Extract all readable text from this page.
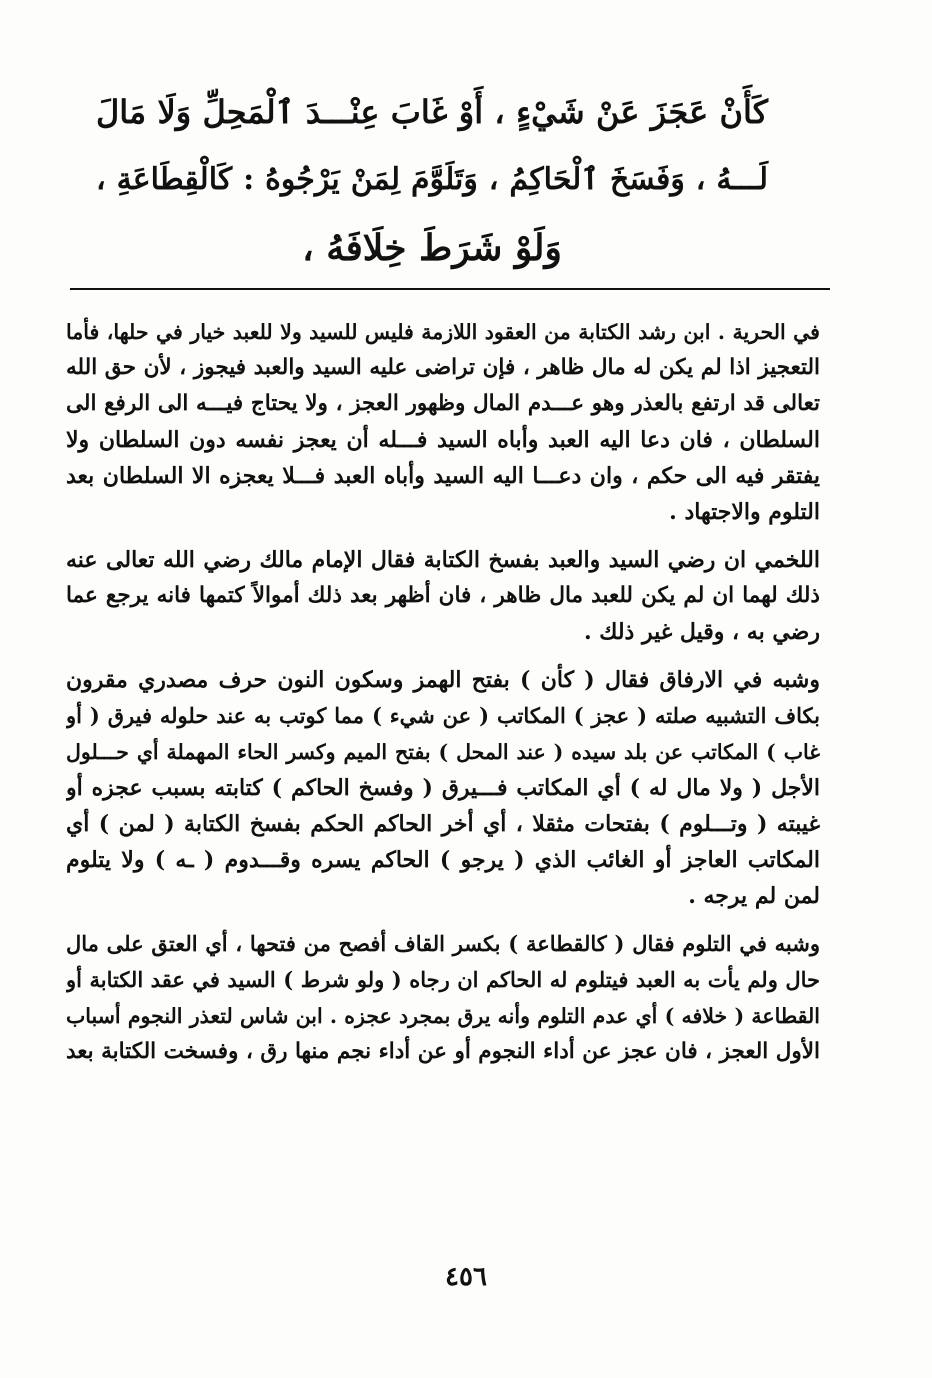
كَأَنْ عَجَزَ عَنْ شَيْءٍ ، أَوْ غَابَ عِنْـــدَ ٱلْمَحِلِّ وَلَا مَالَ
لَـــهُ ، وَفَسَخَ ٱلْحَاكِمُ ، وَتَلَوَّمَ لِمَنْ يَرْجُوهُ : كَالْقِطَاعَةِ ،
وَلَوْ شَرَطَ خِلَافَهُ ،

في الحرية . ابن رشد الكتابة من العقود اللازمة فليس للسيد ولا للعبد خيار في حلها، فأما
التعجيز اذا لم يكن له مال ظاهر ، فإن تراضى عليه السيد والعبد فيجوز ، لأن حق الله
تعالى قد ارتفع بالعذر وهو عـــدم المال وظهور العجز ، ولا يحتاج فيـــه الى الرفع الى
السلطان ، فان دعا اليه العبد وأباه السيد فـــله أن يعجز نفسه دون السلطان ولا
يفتقر فيه الى حكم ، وان دعـــا اليه السيد وأباه العبد فـــلا يعجزه الا السلطان بعد
التلوم والاجتهاد .

اللخمي ان رضي السيد والعبد بفسخ الكتابة فقال الإمام مالك رضي الله تعالى عنه
ذلك لهما ان لم يكن للعبد مال ظاهر ، فان أظهر بعد ذلك أموالاً كتمها فانه يرجع عما
رضي به ، وقيل غير ذلك .

وشبه في الارفاق فقال ( كأن ) بفتح الهمز وسكون النون حرف مصدري مقرون
بكاف التشبيه صلته ( عجز ) المكاتب ( عن شيء ) مما كوتب به عند حلوله فيرق ( أو
غاب ) المكاتب عن بلد سيده ( عند المحل ) بفتح الميم وكسر الحاء المهملة أي حـــلول
الأجل ( ولا مال له ) أي المكاتب فـــيرق ( وفسخ الحاكم ) كتابته بسبب عجزه أو
غيبته ( وتـــلوم ) بفتحات مثقلا ، أي أخر الحاكم الحكم بفسخ الكتابة ( لمن ) أي
المكاتب العاجز أو الغائب الذي ( يرجو ) الحاكم يسره وقـــدوم ( ـه ) ولا يتلوم
لمن لم يرجه .

وشبه في التلوم فقال ( كالقطاعة ) بكسر القاف أفصح من فتحها ، أي العتق على مال
حال ولم يأت به العبد فيتلوم له الحاكم ان رجاه ( ولو شرط ) السيد في عقد الكتابة أو
القطاعة ( خلافه ) أي عدم التلوم وأنه يرق بمجرد عجزه . ابن شاس لتعذر النجوم أسباب
الأول العجز ، فان عجز عن أداء النجوم أو عن أداء نجم منها رق ، وفسخت الكتابة بعد

٤٥٦
